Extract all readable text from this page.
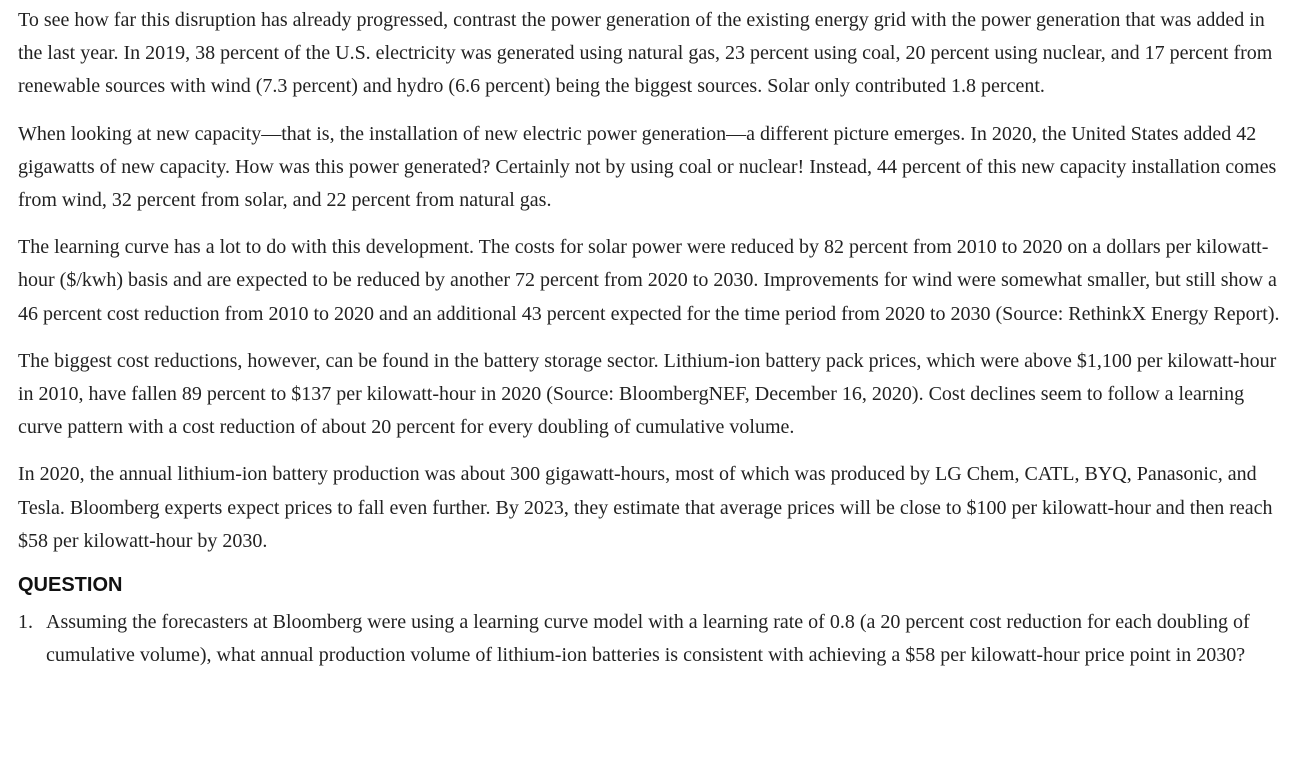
To see how far this disruption has already progressed, contrast the power generation of the existing energy grid with the power generation that was added in the last year. In 2019, 38 percent of the U.S. electricity was generated using natural gas, 23 percent using coal, 20 percent using nuclear, and 17 percent from renewable sources with wind (7.3 percent) and hydro (6.6 percent) being the biggest sources. Solar only contributed 1.8 percent.

When looking at new capacity—that is, the installation of new electric power generation—a different picture emerges. In 2020, the United States added 42 gigawatts of new capacity. How was this power generated? Certainly not by using coal or nuclear! Instead, 44 percent of this new capacity installation comes from wind, 32 percent from solar, and 22 percent from natural gas.

The learning curve has a lot to do with this development. The costs for solar power were reduced by 82 percent from 2010 to 2020 on a dollars per kilowatt-hour ($/kwh) basis and are expected to be reduced by another 72 percent from 2020 to 2030. Improvements for wind were somewhat smaller, but still show a 46 percent cost reduction from 2010 to 2020 and an additional 43 percent expected for the time period from 2020 to 2030 (Source: RethinkX Energy Report).

The biggest cost reductions, however, can be found in the battery storage sector. Lithium-ion battery pack prices, which were above $1,100 per kilowatt-hour in 2010, have fallen 89 percent to $137 per kilowatt-hour in 2020 (Source: BloombergNEF, December 16, 2020). Cost declines seem to follow a learning curve pattern with a cost reduction of about 20 percent for every doubling of cumulative volume.

In 2020, the annual lithium-ion battery production was about 300 gigawatt-hours, most of which was produced by LG Chem, CATL, BYQ, Panasonic, and Tesla. Bloomberg experts expect prices to fall even further. By 2023, they estimate that average prices will be close to $100 per kilowatt-hour and then reach $58 per kilowatt-hour by 2030.

QUESTION
1. Assuming the forecasters at Bloomberg were using a learning curve model with a learning rate of 0.8 (a 20 percent cost reduction for each doubling of cumulative volume), what annual production volume of lithium-ion batteries is consistent with achieving a $58 per kilowatt-hour price point in 2030?
